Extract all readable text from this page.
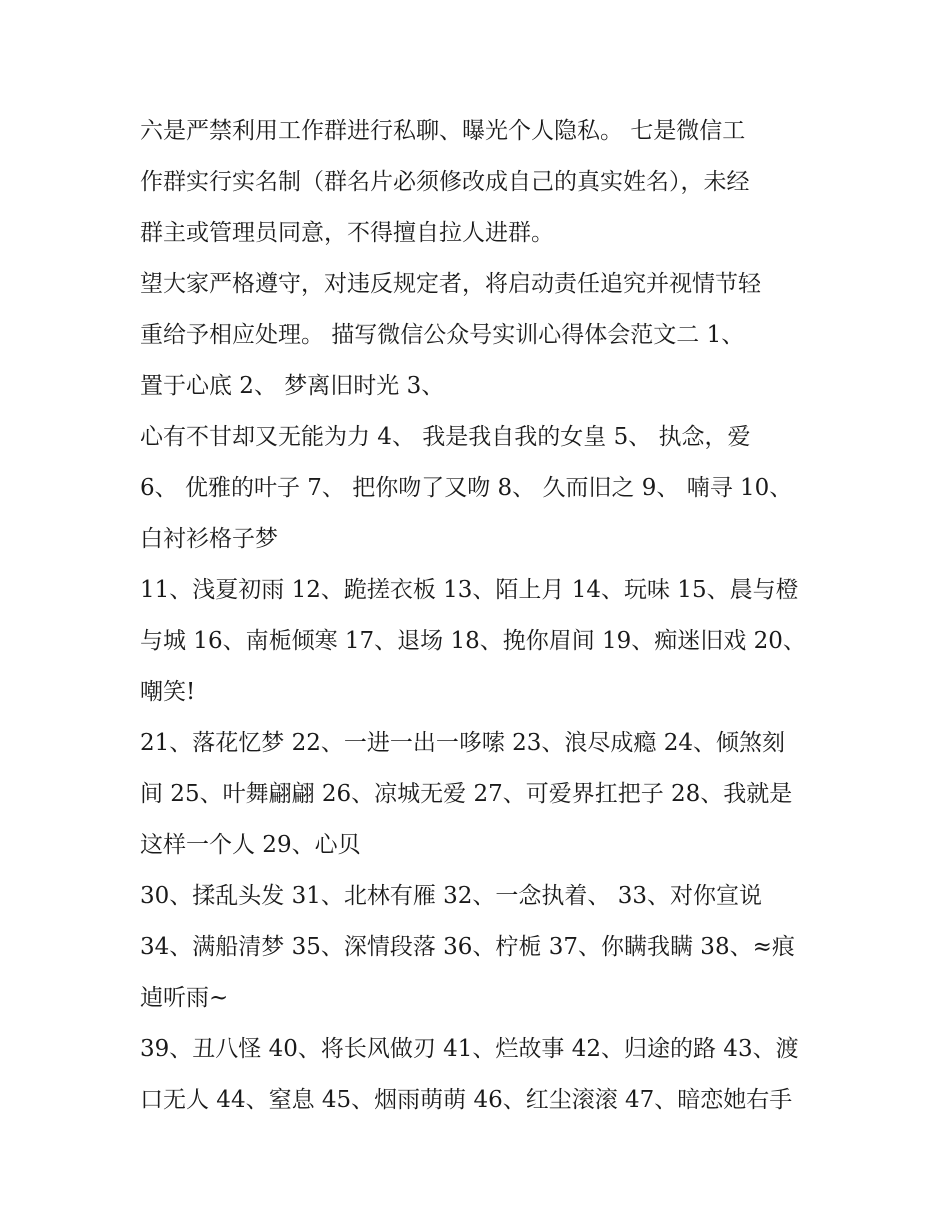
六是严禁利用工作群进行私聊、曝光个人隐私。 七是微信工
作群实行实名制（群名片必须修改成自己的真实姓名），未经
群主或管理员同意，不得擅自拉人进群。
望大家严格遵守，对违反规定者，将启动责任追究并视情节轻
重给予相应处理。 描写微信公众号实训心得体会范文二 1、
置于心底 2、 梦离旧时光 3、
心有不甘却又无能为力 4、 我是我自我的女皇 5、 执念，爱
6、 优雅的叶子 7、 把你吻了又吻 8、 久而旧之 9、 喃寻 10、
白衬衫格子梦
11、浅夏初雨 12、跪搓衣板 13、陌上月 14、玩味 15、晨与橙
与城 16、南栀倾寒 17、退场 18、挽你眉间 19、痴迷旧戏 20、
嘲笑!
21、落花忆梦 22、一进一出一哆嗦 23、浪尽成瘾 24、倾煞刻
间 25、叶舞翩翩 26、凉城无爱 27、可爱界扛把子 28、我就是
这样一个人 29、心贝
30、揉乱头发 31、北林有雁 32、一念执着、 33、对你宣说
34、满船清梦 35、深情段落 36、柠栀 37、你瞒我瞒 38、≈痕
逌听雨~
39、丑八怪 40、将长风做刃 41、烂故事 42、归途的路 43、渡
口无人 44、窒息 45、烟雨萌萌 46、红尘滚滚 47、暗恋她右手
